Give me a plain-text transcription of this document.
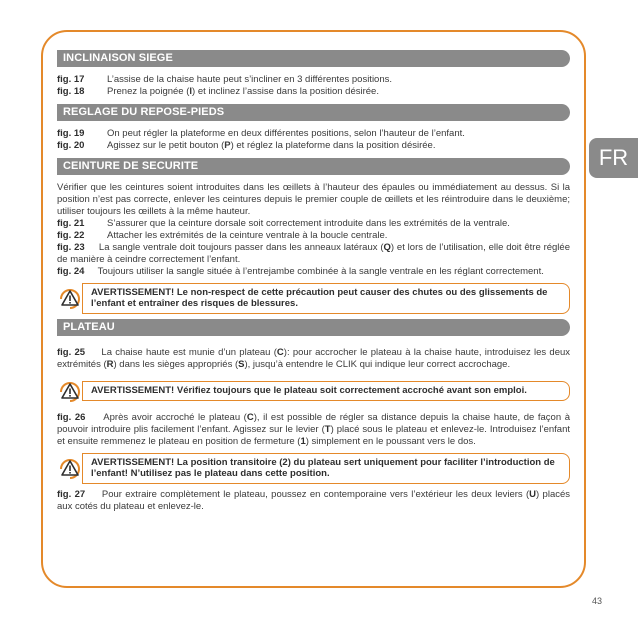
FR
INCLINAISON SIEGE
fig. 17	L’assise de la chaise haute peut s’incliner en 3 différentes positions.
fig. 18	Prenez la poignée (I) et inclinez l’assise dans la position désirée.
REGLAGE DU REPOSE-PIEDS
fig. 19	On peut régler la plateforme en deux différentes positions, selon l’hauteur de l’enfant.
fig. 20	Agissez sur le petit bouton (P) et réglez la plateforme dans la position désirée.
CEINTURE DE SECURITE

Vérifier que les ceintures soient introduites dans les œillets à l’hauteur des épaules ou immédiatement au dessus. Si la position n’est pas correcte, enlever les ceintures depuis le premier couple de œillets et les réintroduire dans le deuxième; utiliser toujours les œillets à la même hauteur.

fig. 21	S’assurer que la ceinture dorsale soit correctement introduite dans les extrémités de la ventrale.
fig. 22	Attacher les extrémités de la ceinture ventrale à la boucle centrale.

fig. 23 La sangle ventrale doit toujours passer dans les anneaux latéraux (Q) et lors de l’utilisation, elle doit être réglée de manière à ceindre correctement l’enfant.

fig. 24 Toujours utiliser la sangle située à l’entrejambe combinée à la sangle ventrale en les réglant correctement.

AVERTISSEMENT! Le non-respect de cette précaution peut causer des chutes ou des glissements de l’enfant et entraîner des risques de blessures.
PLATEAU

fig. 25 La chaise haute est munie d’un plateau (C): pour accrocher le plateau à la chaise haute, introduisez les deux extrémités (R) dans les sièges appropriés (S), jusqu’à entendre le CLIK qui indique leur correct accrochage.

AVERTISSEMENT! Vérifiez toujours que le plateau soit correctement accroché avant son emploi.

fig. 26 Après avoir accroché le plateau (C), il est possible de régler sa distance depuis la chaise haute, de façon à pouvoir introduire plis facilement l’enfant. Agissez sur le levier (T) placé sous le plateau et enlevez-le. Introduisez l’enfant et ensuite remmenez le plateau en position de fermeture (1) simplement en le poussant vers le dos.

AVERTISSEMENT! La position transitoire (2) du plateau sert uniquement pour faciliter l’introduction de l’enfant! N’utilisez pas le plateau dans cette position.

fig. 27 Pour extraire complètement le plateau, poussez en contemporaine vers l’extérieur les deux leviers (U) placés aux cotés du plateau et enlevez-le.

43
